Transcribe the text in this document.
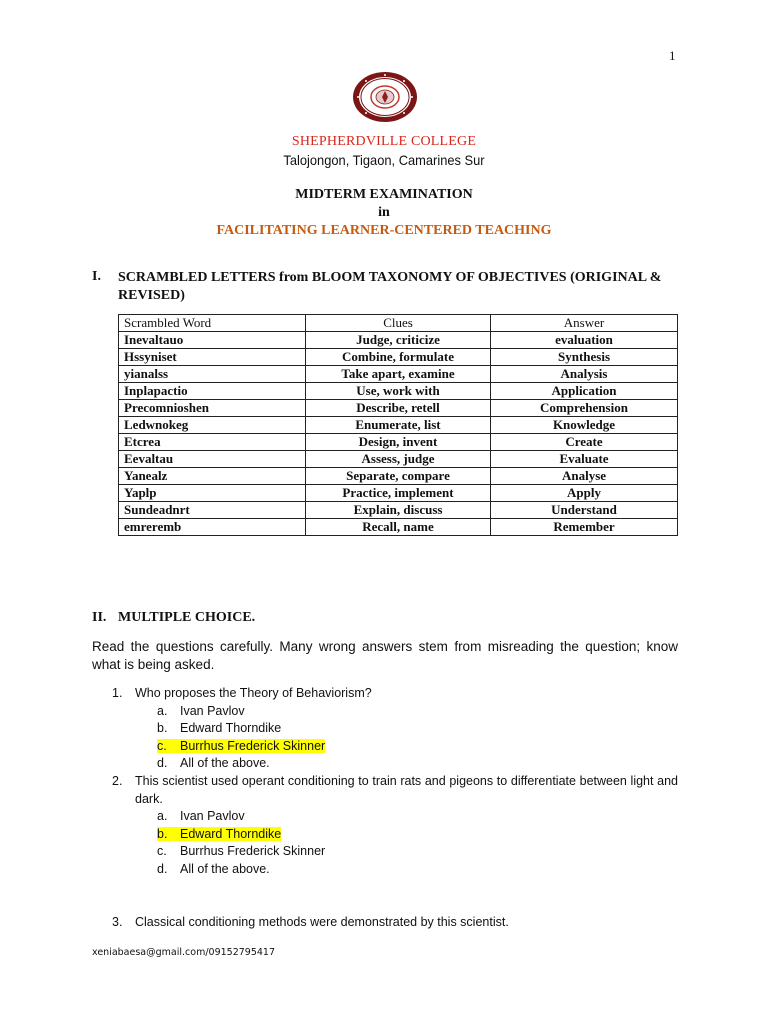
1
SHEPHERDVILLE COLLEGE
Talojongon, Tigaon, Camarines Sur
MIDTERM EXAMINATION
in
FACILITATING LEARNER-CENTERED TEACHING
I. SCRAMBLED LETTERS from BLOOM TAXONOMY OF OBJECTIVES (ORIGINAL & REVISED)
Scrambled Word	Clues	Answer
Inevaltauo	Judge, criticize	evaluation
Hssyniset	Combine, formulate	Synthesis
yianalss	Take apart, examine	Analysis
Inplapactio	Use, work with	Application
Precomnioshen	Describe, retell	Comprehension
Ledwnokeg	Enumerate, list	Knowledge
Etcrea	Design, invent	Create
Eevaltau	Assess, judge	Evaluate
Yanealz	Separate, compare	Analyse
Yaplp	Practice, implement	Apply
Sundeadnrt	Explain, discuss	Understand
emreremb	Recall, name	Remember
II. MULTIPLE CHOICE.
Read the questions carefully. Many wrong answers stem from misreading the question; know what is being asked.
1. Who proposes the Theory of Behaviorism?
a. Ivan Pavlov
b. Edward Thorndike
c. Burrhus Frederick Skinner
d. All of the above.
2. This scientist used operant conditioning to train rats and pigeons to differentiate between light and dark.
a. Ivan Pavlov
b. Edward Thorndike
c. Burrhus Frederick Skinner
d. All of the above.
3. Classical conditioning methods were demonstrated by this scientist.
xeniabaesa@gmail.com/09152795417
